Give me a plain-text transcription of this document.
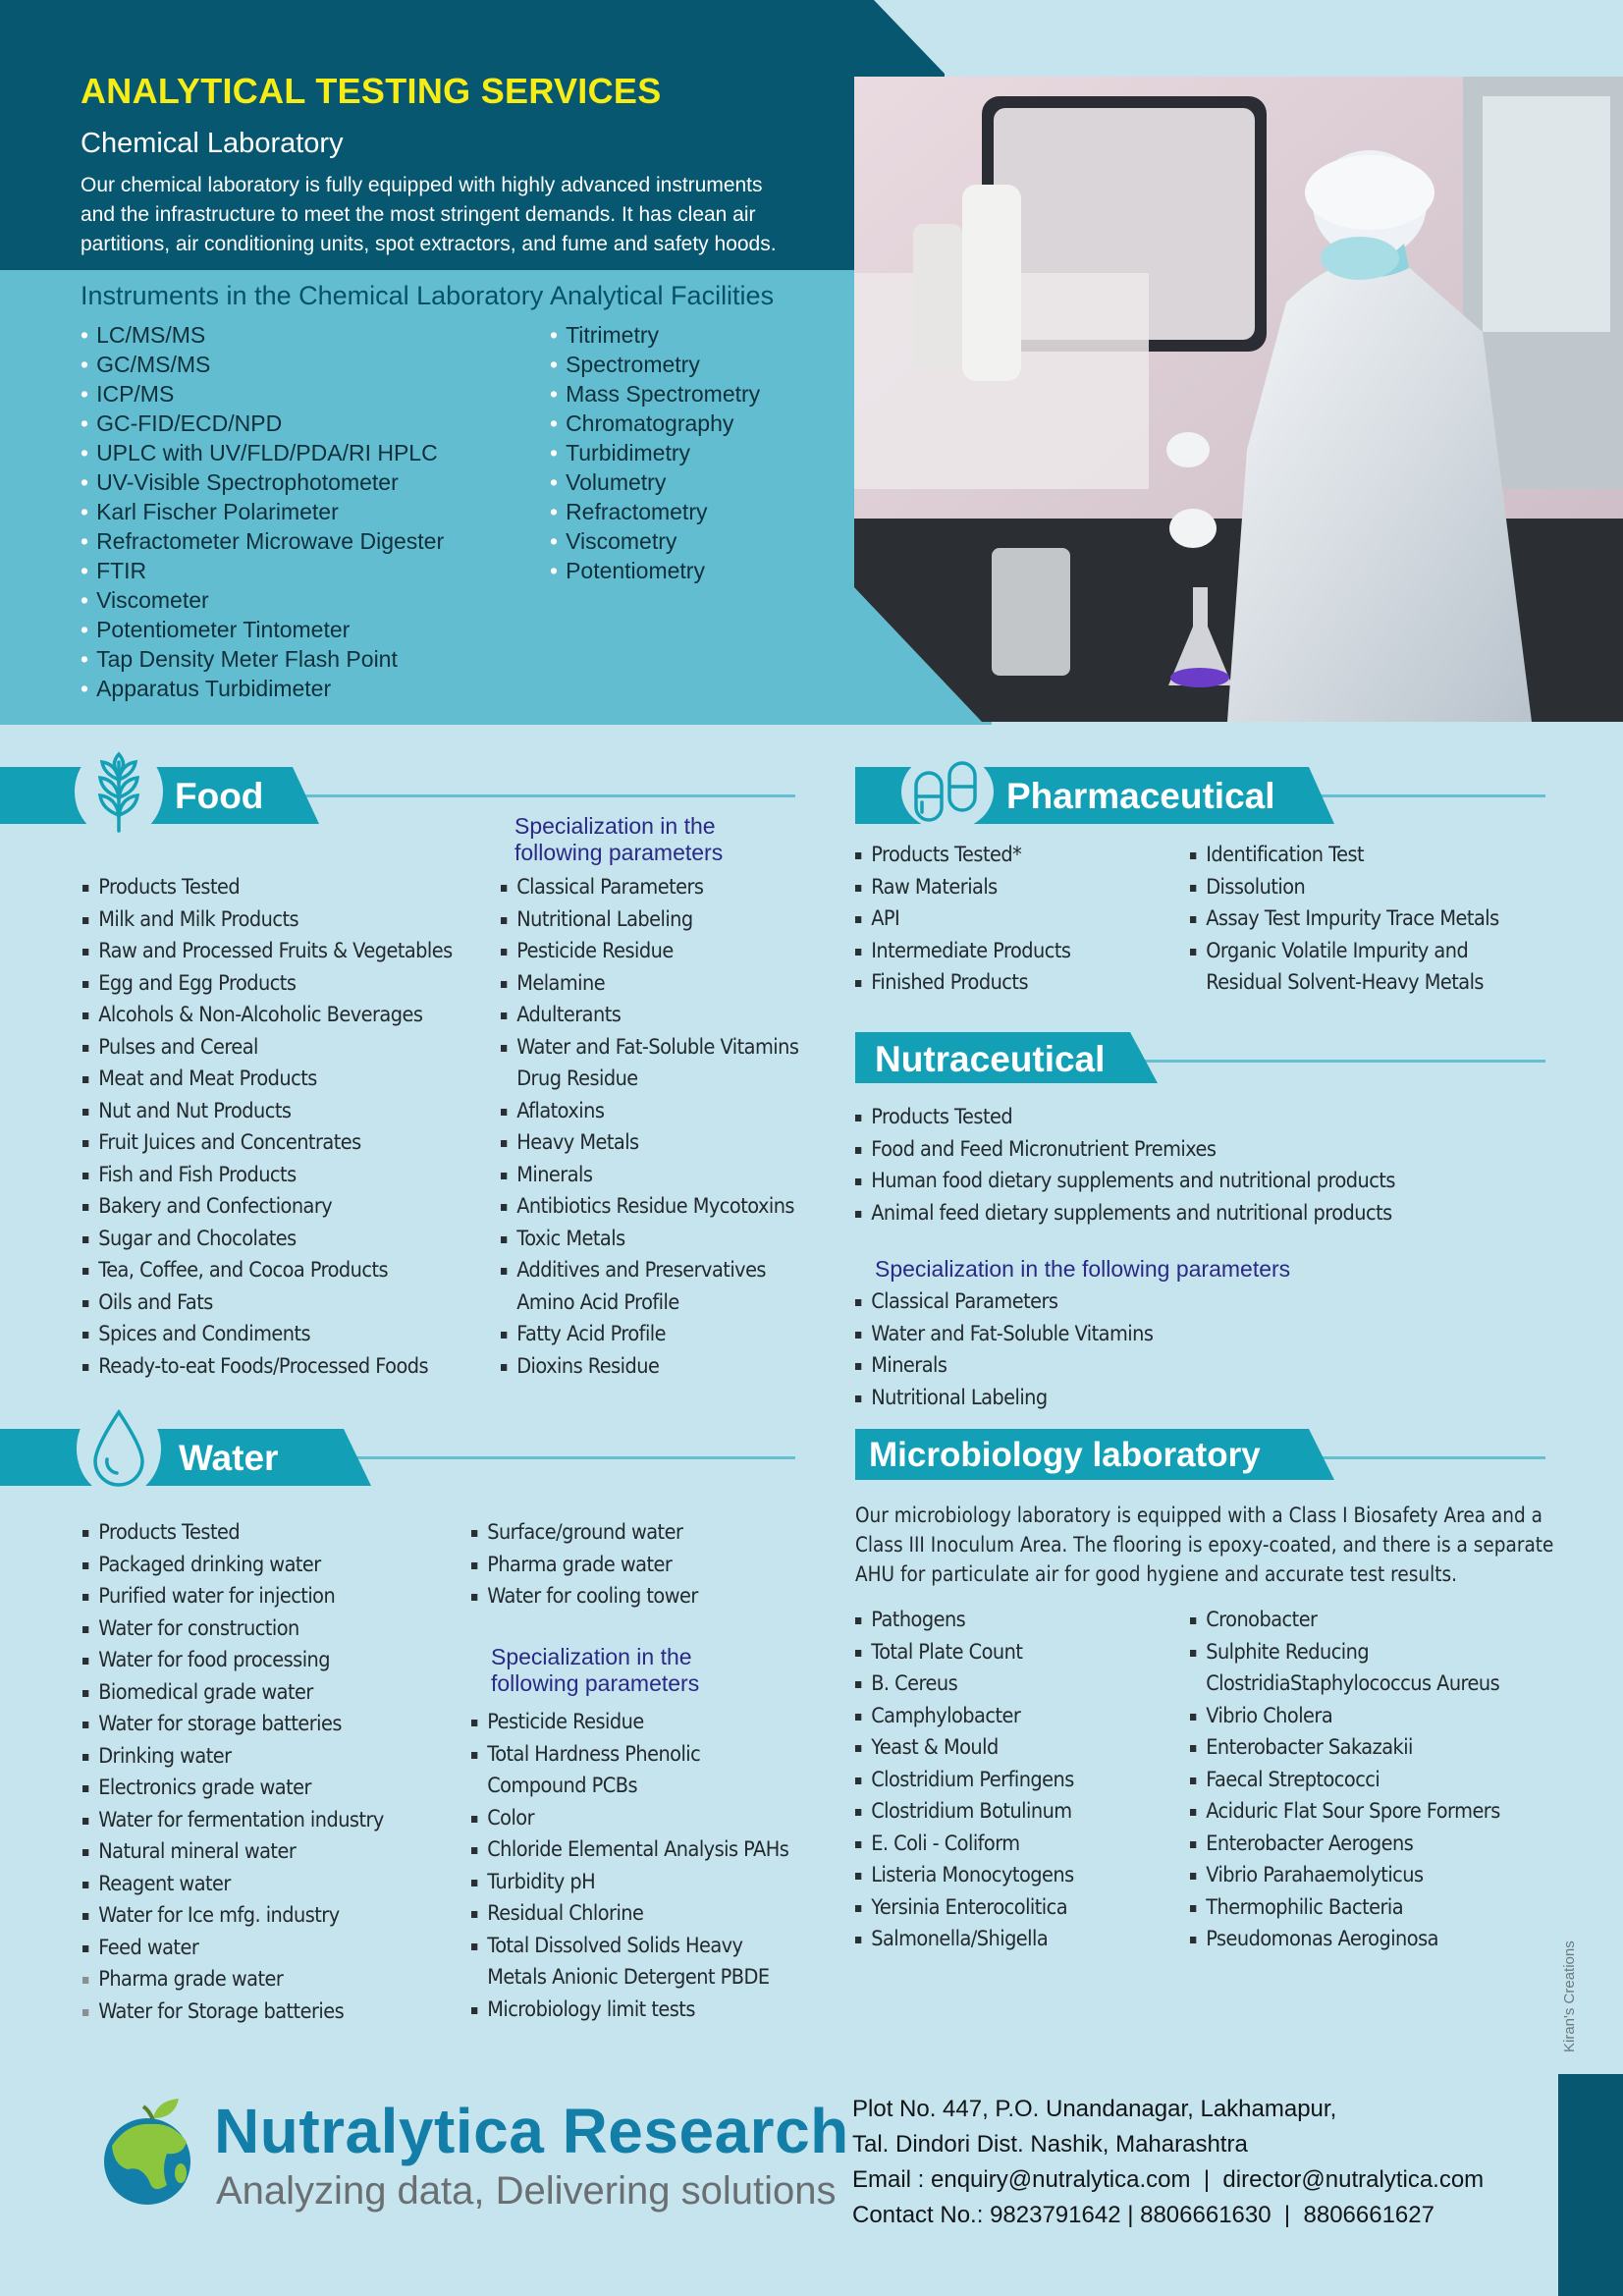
ANALYTICAL TESTING SERVICES
Chemical Laboratory
Our chemical laboratory is fully equipped with highly advanced instruments and the infrastructure to meet the most stringent demands. It has clean air partitions, air conditioning units, spot extractors, and fume and safety hoods.
Instruments in the Chemical Laboratory
• LC/MS/MS
• GC/MS/MS
• ICP/MS
• GC-FID/ECD/NPD
• UPLC with UV/FLD/PDA/RI HPLC
• UV-Visible Spectrophotometer
• Karl Fischer Polarimeter
• Refractometer Microwave Digester
• FTIR
• Viscometer
• Potentiometer Tintometer
• Tap Density Meter Flash Point
• Apparatus Turbidimeter
Analytical Facilities
• Titrimetry
• Spectrometry
• Mass Spectrometry
• Chromatography
• Turbidimetry
• Volumetry
• Refractometry
• Viscometry
• Potentiometry
Food
Specialization in the following parameters
Products Tested
Milk and Milk Products
Raw and Processed Fruits & Vegetables
Egg and Egg Products
Alcohols & Non-Alcoholic Beverages
Pulses and Cereal
Meat and Meat Products
Nut and Nut Products
Fruit Juices and Concentrates
Fish and Fish Products
Bakery and Confectionary
Sugar and Chocolates
Tea, Coffee, and Cocoa Products
Oils and Fats
Spices and Condiments
Ready-to-eat Foods/Processed Foods
Classical Parameters
Nutritional Labeling
Pesticide Residue
Melamine
Adulterants
Water and Fat-Soluble Vitamins
Drug Residue
Aflatoxins
Heavy Metals
Minerals
Antibiotics Residue Mycotoxins
Toxic Metals
Additives and Preservatives
Amino Acid Profile
Fatty Acid Profile
Dioxins Residue
Pharmaceutical
Products Tested*
Raw Materials
API
Intermediate Products
Finished Products
Identification Test
Dissolution
Assay Test Impurity Trace Metals
Organic Volatile Impurity and
Residual Solvent-Heavy Metals
Nutraceutical
Products Tested
Food and Feed Micronutrient Premixes
Human food dietary supplements and nutritional products
Animal feed dietary supplements and nutritional products
Specialization in the following parameters
Classical Parameters
Water and Fat-Soluble Vitamins
Minerals
Nutritional Labeling
Water
Products Tested
Packaged drinking water
Purified water for injection
Water for construction
Water for food processing
Biomedical grade water
Water for storage batteries
Drinking water
Electronics grade water
Water for fermentation industry
Natural mineral water
Reagent water
Water for Ice mfg. industry
Feed water
Pharma grade water
Water for Storage batteries
Surface/ground water
Pharma grade water
Water for cooling tower
Specialization in the following parameters
Pesticide Residue
Total Hardness Phenolic
Compound PCBs
Color
Chloride Elemental Analysis PAHs
Turbidity pH
Residual Chlorine
Total Dissolved Solids Heavy
Metals Anionic Detergent PBDE
Microbiology limit tests
Microbiology laboratory
Our microbiology laboratory is equipped with a Class I Biosafety Area and a Class III Inoculum Area. The flooring is epoxy-coated, and there is a separate AHU for particulate air for good hygiene and accurate test results.
Pathogens
Total Plate Count
B. Cereus
Camphylobacter
Yeast & Mould
Clostridium Perfingens
Clostridium Botulinum
E. Coli - Coliform
Listeria Monocytogens
Yersinia Enterocolitica
Salmonella/Shigella
Cronobacter
Sulphite Reducing
ClostridiaStaphylococcus Aureus
Vibrio Cholera
Enterobacter Sakazakii
Faecal Streptococci
Aciduric Flat Sour Spore Formers
Enterobacter Aerogens
Vibrio Parahaemolyticus
Thermophilic Bacteria
Pseudomonas Aeroginosa
Nutralytica Research
Analyzing data, Delivering solutions
Plot No. 447, P.O. Unandanagar, Lakhamapur,
Tal. Dindori Dist. Nashik, Maharashtra
Email : enquiry@nutralytica.com  |  director@nutralytica.com
Contact No.: 9823791642 | 8806661630  |  8806661627
Kiran's Creations
